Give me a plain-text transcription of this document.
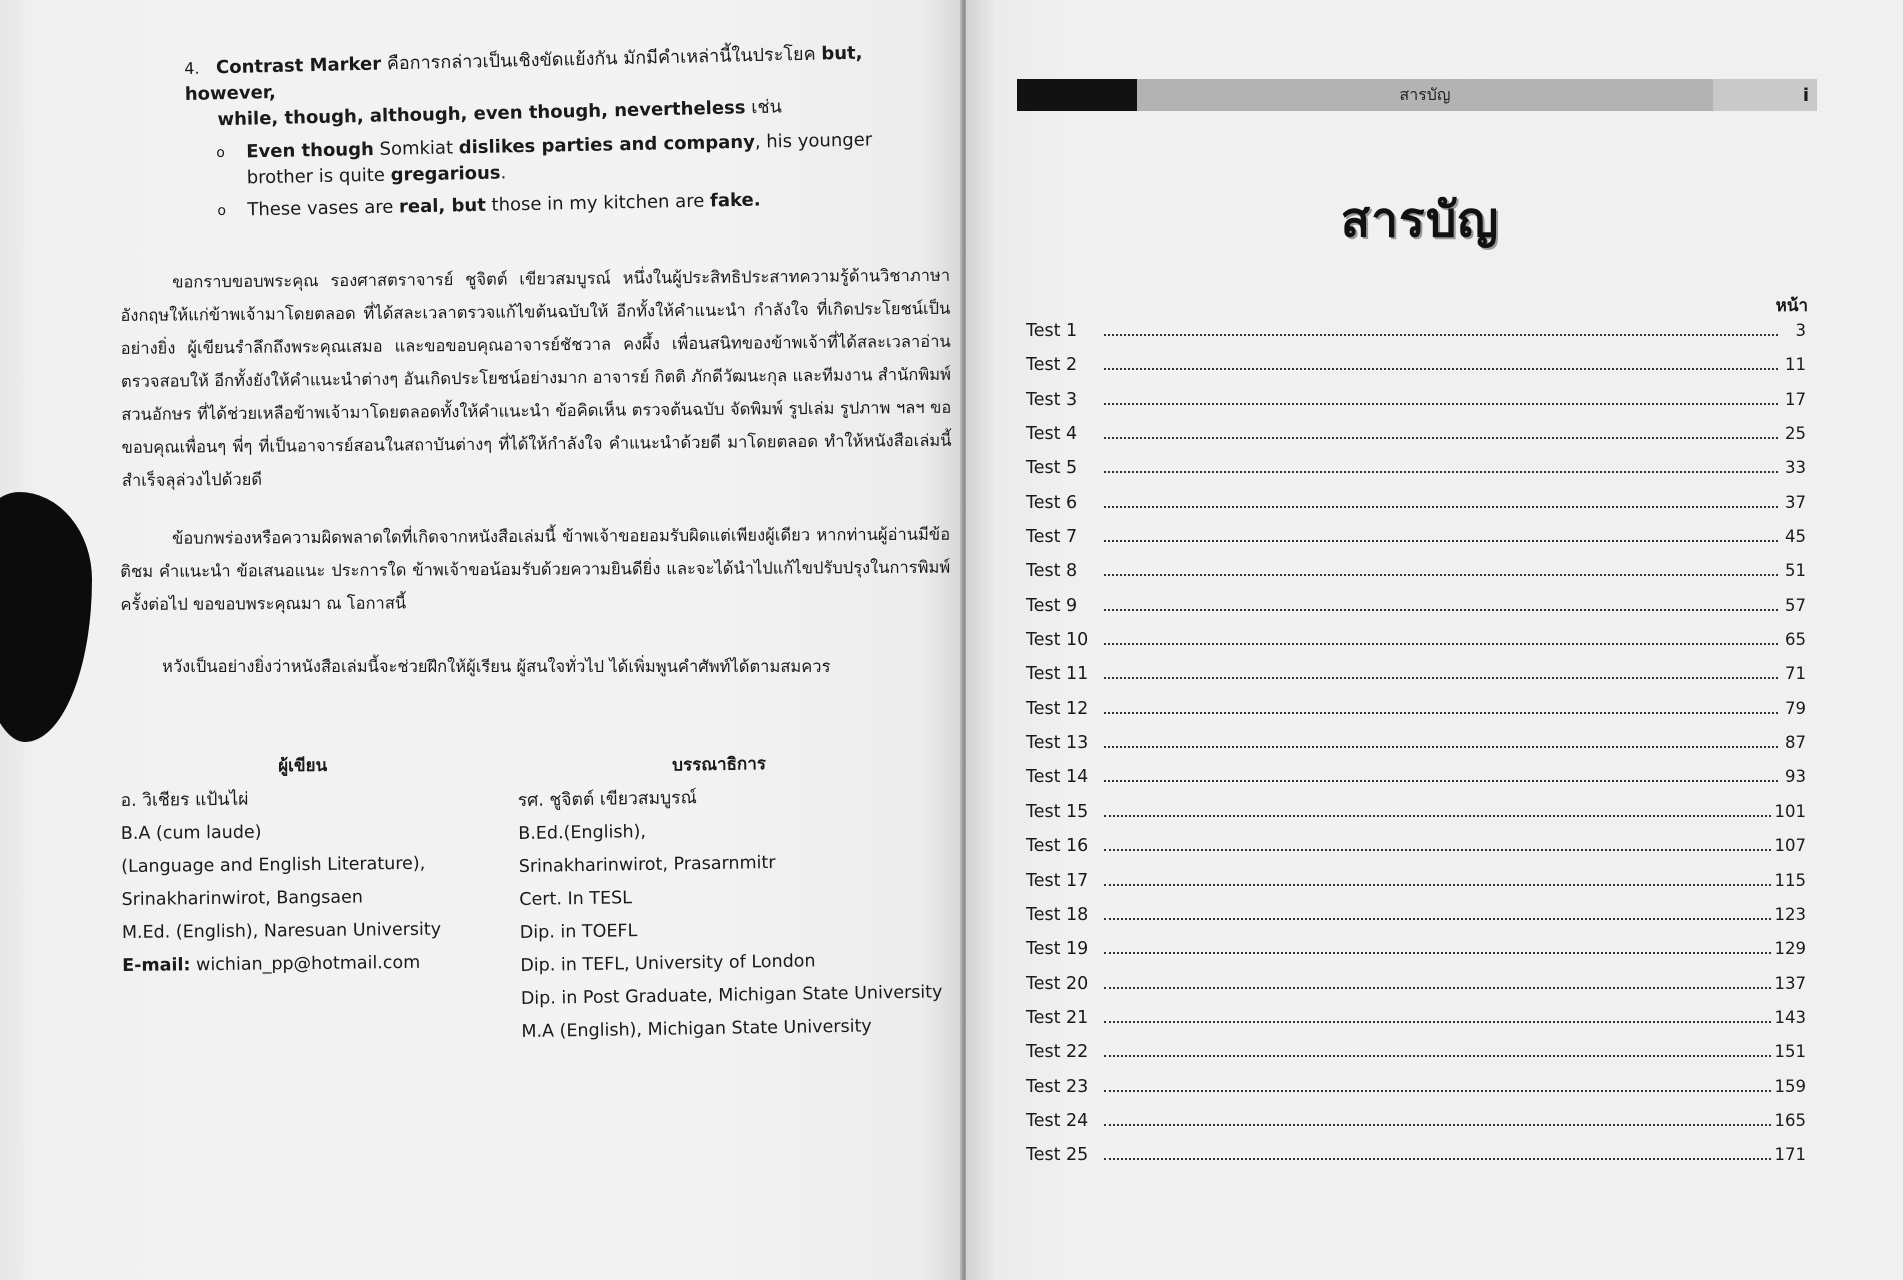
4. Contrast Marker คือการกล่าวเป็นเชิงขัดแย้งกัน มักมีคำเหล่านี้ในประโยค but, however,
while, though, although, even though, nevertheless เช่น
o	Even though Somkiat dislikes parties and company, his younger brother is quite gregarious.
o	These vases are real, but those in my kitchen are fake.

ขอกราบขอบพระคุณ รองศาสตราจารย์ ชูจิตต์ เขียวสมบูรณ์ หนึ่งในผู้ประสิทธิประสาทความรู้ด้านวิชาภาษาอังกฤษให้แก่ข้าพเจ้ามาโดยตลอด ที่ได้สละเวลาตรวจแก้ไขต้นฉบับให้ อีกทั้งให้คำแนะนำ กำลังใจ ที่เกิดประโยชน์เป็นอย่างยิ่ง ผู้เขียนรำลึกถึงพระคุณเสมอ และขอขอบคุณอาจารย์ชัชวาล คงผึ้ง เพื่อนสนิทของข้าพเจ้าที่ได้สละเวลาอ่านตรวจสอบให้ อีกทั้งยังให้คำแนะนำต่างๆ อันเกิดประโยชน์อย่างมาก อาจารย์ กิตติ ภักดีวัฒนะกุล และทีมงาน สำนักพิมพ์ สวนอักษร ที่ได้ช่วยเหลือข้าพเจ้ามาโดยตลอดทั้งให้คำแนะนำ ข้อคิดเห็น ตรวจต้นฉบับ จัดพิมพ์ รูปเล่ม รูปภาพ ฯลฯ ขอขอบคุณเพื่อนๆ พี่ๆ ที่เป็นอาจารย์สอนในสถาบันต่างๆ ที่ได้ให้กำลังใจ คำแนะนำด้วยดี มาโดยตลอด ทำให้หนังสือเล่มนี้สำเร็จลุล่วงไปด้วยดี

ข้อบกพร่องหรือความผิดพลาดใดที่เกิดจากหนังสือเล่มนี้ ข้าพเจ้าขอยอมรับผิดแต่เพียงผู้เดียว หากท่านผู้อ่านมีข้อติชม คำแนะนำ ข้อเสนอแนะ ประการใด ข้าพเจ้าขอน้อมรับด้วยความยินดียิ่ง และจะได้นำไปแก้ไขปรับปรุงในการพิมพ์ครั้งต่อไป ขอขอบพระคุณมา ณ โอกาสนี้

หวังเป็นอย่างยิ่งว่าหนังสือเล่มนี้จะช่วยฝึกให้ผู้เรียน ผู้สนใจทั่วไป ได้เพิ่มพูนคำศัพท์ได้ตามสมควร

ผู้เขียน
อ. วิเชียร แป้นไผ่
B.A (cum laude)
(Language and English Literature),
Srinakharinwirot, Bangsaen
M.Ed. (English), Naresuan University
E-mail: wichian_pp@hotmail.com
บรรณาธิการ
รศ. ชูจิตต์ เขียวสมบูรณ์
B.Ed.(English),
Srinakharinwirot, Prasarnmitr
Cert. In TESL
Dip. in TOEFL
Dip. in TEFL, University of London
Dip. in Post Graduate, Michigan State University
M.A (English), Michigan State University
สารบัญ	i
สารบัญ
หน้า
Test 1	3
Test 2	11
Test 3	17
Test 4	25
Test 5	33
Test 6	37
Test 7	45
Test 8	51
Test 9	57
Test 10	65
Test 11	71
Test 12	79
Test 13	87
Test 14	93
Test 15	101
Test 16	107
Test 17	115
Test 18	123
Test 19	129
Test 20	137
Test 21	143
Test 22	151
Test 23	159
Test 24	165
Test 25	171
